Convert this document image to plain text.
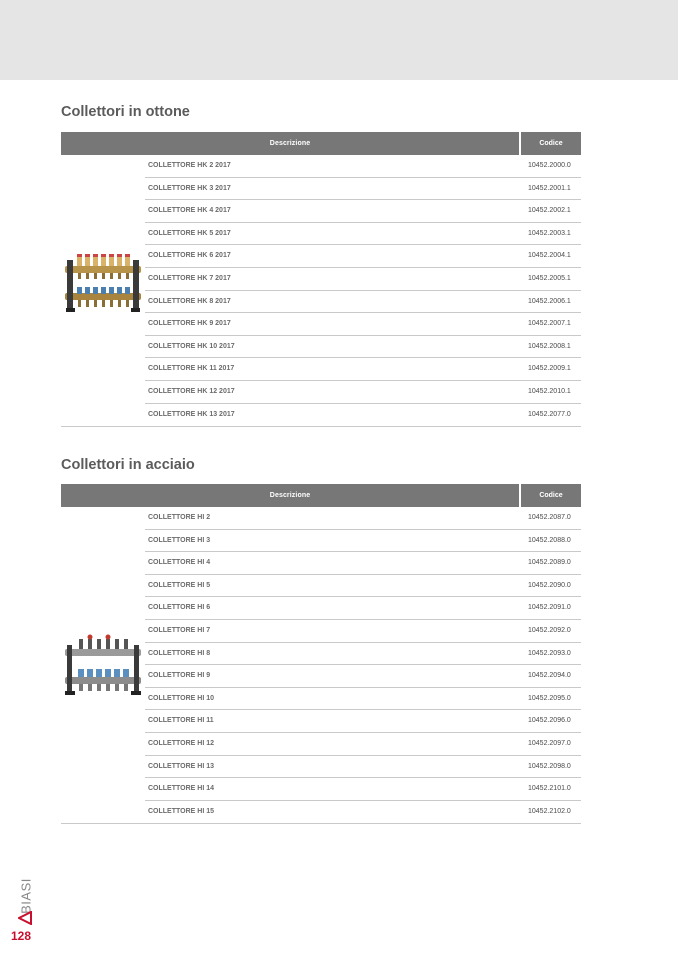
Collettori in ottone
Descrizione	Codice
COLLETTORE HK 2 2017	10452.2000.0
COLLETTORE HK 3 2017	10452.2001.1
COLLETTORE HK 4 2017	10452.2002.1
COLLETTORE HK 5 2017	10452.2003.1
COLLETTORE HK 6 2017	10452.2004.1
COLLETTORE HK 7 2017	10452.2005.1
COLLETTORE HK 8 2017	10452.2006.1
COLLETTORE HK 9 2017	10452.2007.1
COLLETTORE HK 10 2017	10452.2008.1
COLLETTORE HK 11 2017	10452.2009.1
COLLETTORE HK 12 2017	10452.2010.1
COLLETTORE HK 13 2017	10452.2077.0
Collettori in acciaio
Descrizione	Codice
COLLETTORE HI 2	10452.2087.0
COLLETTORE HI 3	10452.2088.0
COLLETTORE HI 4	10452.2089.0
COLLETTORE HI 5	10452.2090.0
COLLETTORE HI 6	10452.2091.0
COLLETTORE HI 7	10452.2092.0
COLLETTORE HI 8	10452.2093.0
COLLETTORE HI 9	10452.2094.0
COLLETTORE HI 10	10452.2095.0
COLLETTORE HI 11	10452.2096.0
COLLETTORE HI 12	10452.2097.0
COLLETTORE HI 13	10452.2098.0
COLLETTORE HI 14	10452.2101.0
COLLETTORE HI 15	10452.2102.0
BIASI
128
